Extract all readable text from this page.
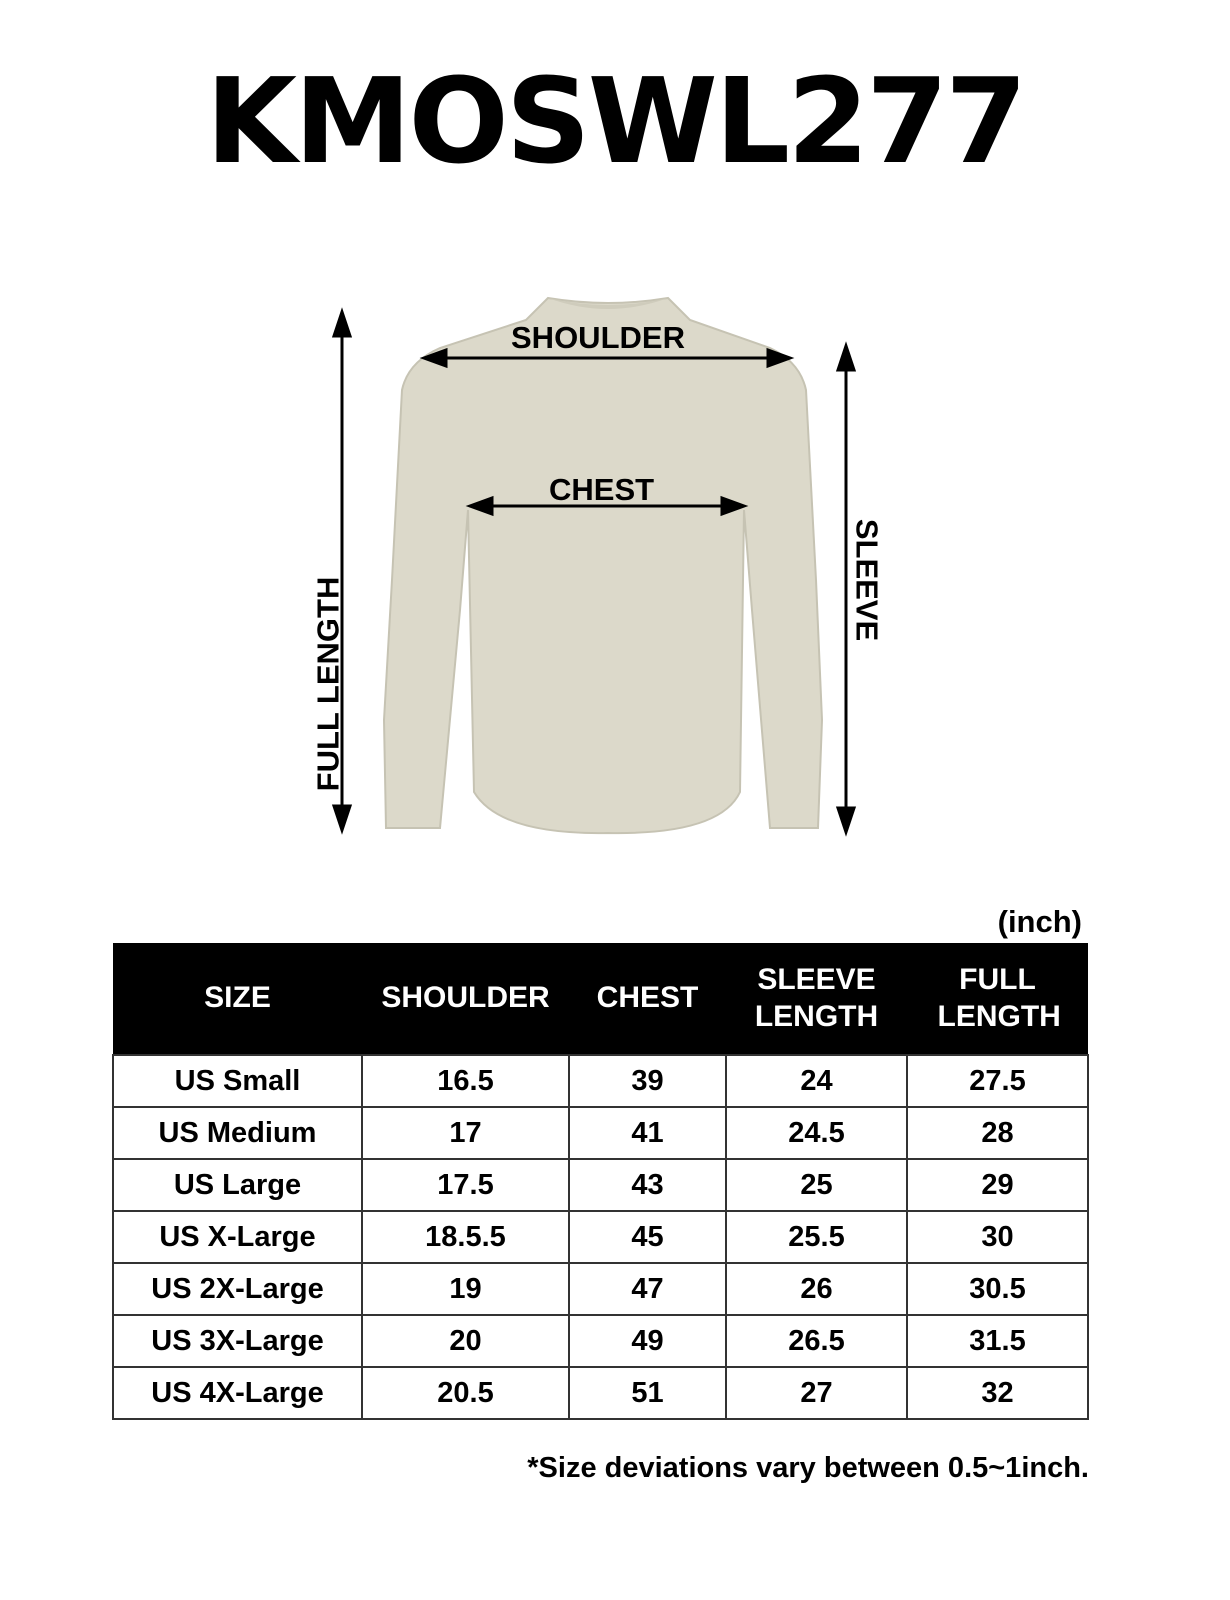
KMOSWL277
SHOULDER
CHEST
FULL LENGTH	SLEEVE
(inch)
SIZE	SHOULDER	CHEST	SLEEVE LENGTH	FULL LENGTH
US Small	16.5	39	24	27.5
US Medium	17	41	24.5	28
US Large	17.5	43	25	29
US X-Large	18.5.5	45	25.5	30
US 2X-Large	19	47	26	30.5
US 3X-Large	20	49	26.5	31.5
US 4X-Large	20.5	51	27	32
*Size deviations vary between 0.5~1inch.
